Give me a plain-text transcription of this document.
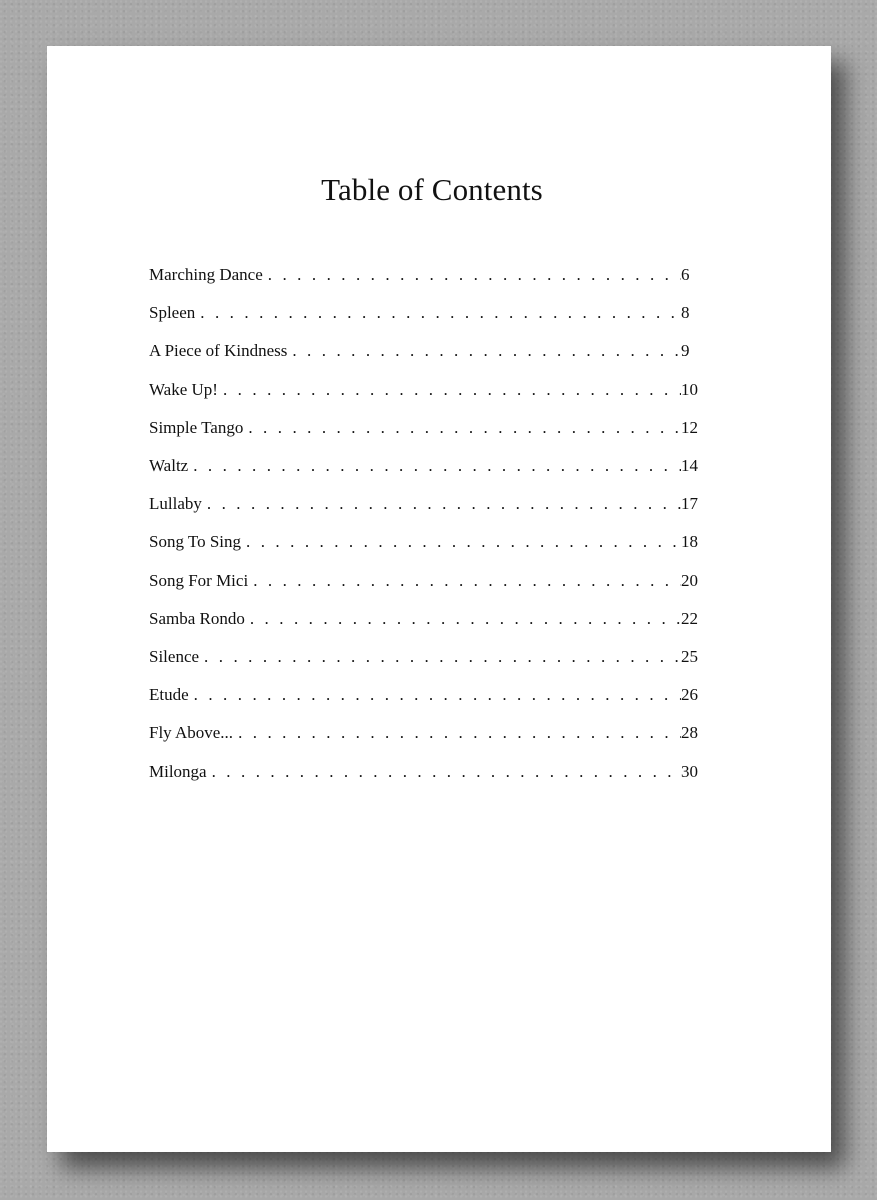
Table of Contents
Marching Dance . . .	6
Spleen . . .	8
A Piece of Kindness . . .	9
Wake Up! . . .	10
Simple Tango . . .	12
Waltz . . .	14
Lullaby . . .	17
Song To Sing . . .	18
Song For Mici . . .	20
Samba Rondo . . .	22
Silence . . .	25
Etude . . .	26
Fly Above... . . .	28
Milonga . . .	30
